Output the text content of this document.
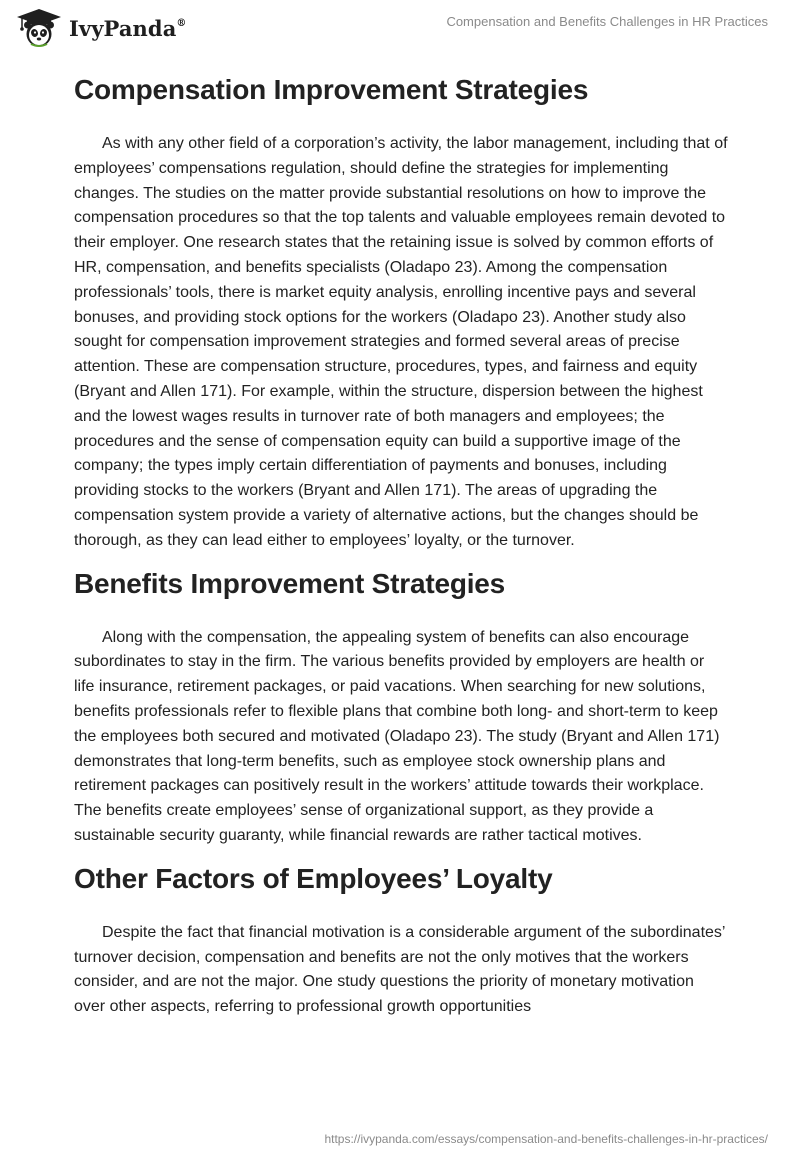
IvyPanda®	Compensation and Benefits Challenges in HR Practices
Compensation Improvement Strategies

As with any other field of a corporation’s activity, the labor management, including that of employees’ compensations regulation, should define the strategies for implementing changes. The studies on the matter provide substantial resolutions on how to improve the compensation procedures so that the top talents and valuable employees remain devoted to their employer. One research states that the retaining issue is solved by common efforts of HR, compensation, and benefits specialists (Oladapo 23). Among the compensation professionals’ tools, there is market equity analysis, enrolling incentive pays and several bonuses, and providing stock options for the workers (Oladapo 23). Another study also sought for compensation improvement strategies and formed several areas of precise attention. These are compensation structure, procedures, types, and fairness and equity (Bryant and Allen 171). For example, within the structure, dispersion between the highest and the lowest wages results in turnover rate of both managers and employees; the procedures and the sense of compensation equity can build a supportive image of the company; the types imply certain differentiation of payments and bonuses, including providing stocks to the workers (Bryant and Allen 171). The areas of upgrading the compensation system provide a variety of alternative actions, but the changes should be thorough, as they can lead either to employees’ loyalty, or the turnover.

Benefits Improvement Strategies

Along with the compensation, the appealing system of benefits can also encourage subordinates to stay in the firm. The various benefits provided by employers are health or life insurance, retirement packages, or paid vacations. When searching for new solutions, benefits professionals refer to flexible plans that combine both long- and short-term to keep the employees both secured and motivated (Oladapo 23). The study (Bryant and Allen 171) demonstrates that long-term benefits, such as employee stock ownership plans and retirement packages can positively result in the workers’ attitude towards their workplace. The benefits create employees’ sense of organizational support, as they provide a sustainable security guaranty, while financial rewards are rather tactical motives.

Other Factors of Employees’ Loyalty

Despite the fact that financial motivation is a considerable argument of the subordinates’ turnover decision, compensation and benefits are not the only motives that the workers consider, and are not the major. One study questions the priority of monetary motivation over other aspects, referring to professional growth opportunities

https://ivypanda.com/essays/compensation-and-benefits-challenges-in-hr-practices/
